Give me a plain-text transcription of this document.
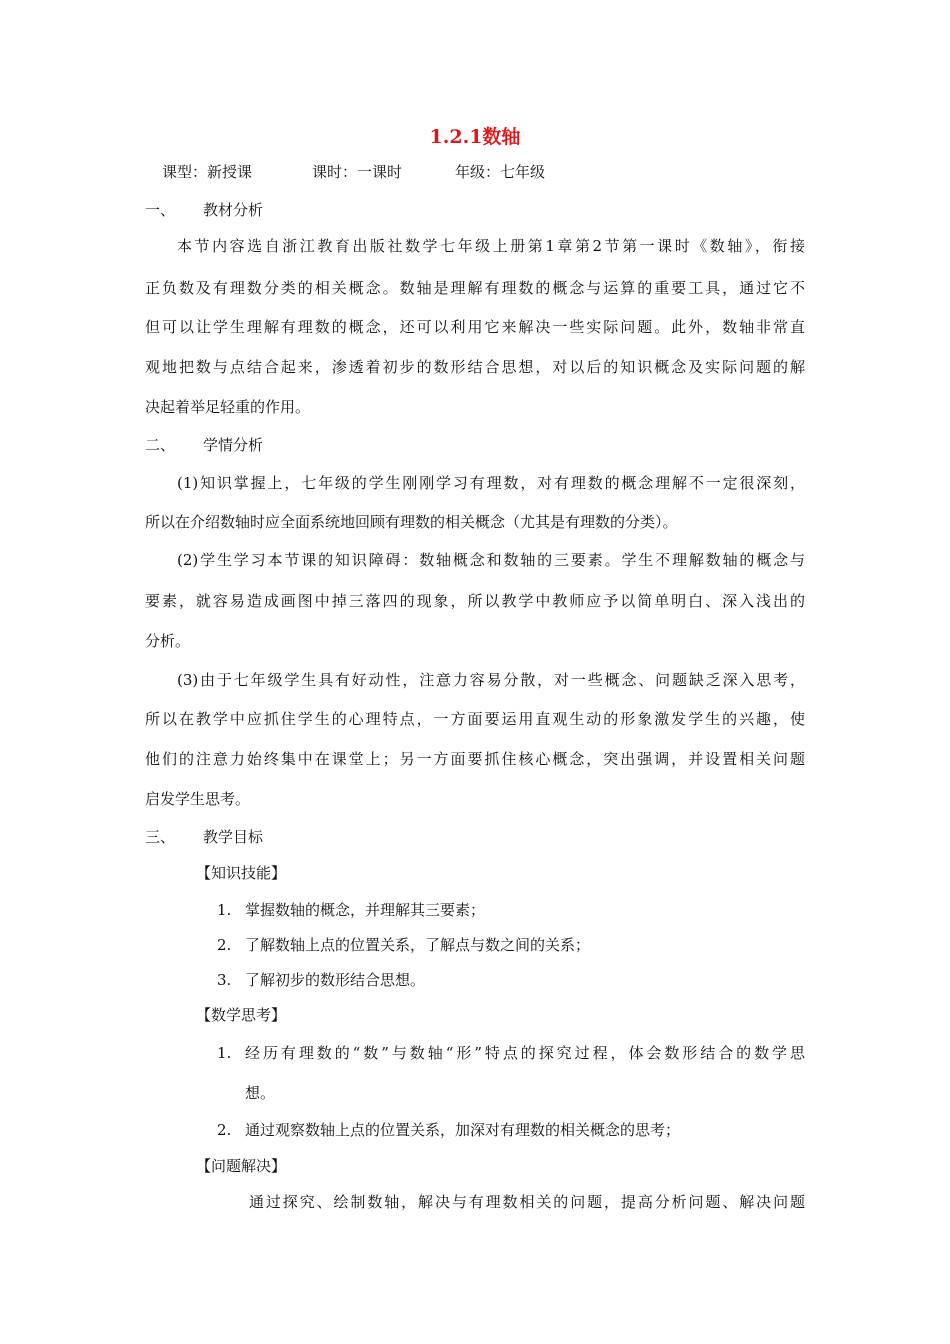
1.2.1数轴
课型：新授课	课时：一课时	年级：七年级
一、 教材分析
本节内容选自浙江教育出版社数学七年级上册第1章第2节第一课时《数轴》，衔接
正负数及有理数分类的相关概念。数轴是理解有理数的概念与运算的重要工具，通过它不
但可以让学生理解有理数的概念，还可以利用它来解决一些实际问题。此外，数轴非常直
观地把数与点结合起来，渗透着初步的数形结合思想，对以后的知识概念及实际问题的解
决起着举足轻重的作用。
二、 学情分析
(1)知识掌握上，七年级的学生刚刚学习有理数，对有理数的概念理解不一定很深刻，
所以在介绍数轴时应全面系统地回顾有理数的相关概念（尤其是有理数的分类）。
(2)学生学习本节课的知识障碍：数轴概念和数轴的三要素。学生不理解数轴的概念与
要素，就容易造成画图中掉三落四的现象，所以教学中教师应予以简单明白、深入浅出的
分析。
(3)由于七年级学生具有好动性，注意力容易分散，对一些概念、问题缺乏深入思考，
所以在教学中应抓住学生的心理特点，一方面要运用直观生动的形象激发学生的兴趣，使
他们的注意力始终集中在课堂上；另一方面要抓住核心概念，突出强调，并设置相关问题
启发学生思考。
三、 教学目标
【知识技能】
1. 掌握数轴的概念，并理解其三要素；
2. 了解数轴上点的位置关系，了解点与数之间的关系；
3. 了解初步的数形结合思想。
【数学思考】
1. 经历有理数的“数”与数轴“形”特点的探究过程，体会数形结合的数学思
想。
2. 通过观察数轴上点的位置关系，加深对有理数的相关概念的思考；
【问题解决】
通过探究、绘制数轴，解决与有理数相关的问题，提高分析问题、解决问题
